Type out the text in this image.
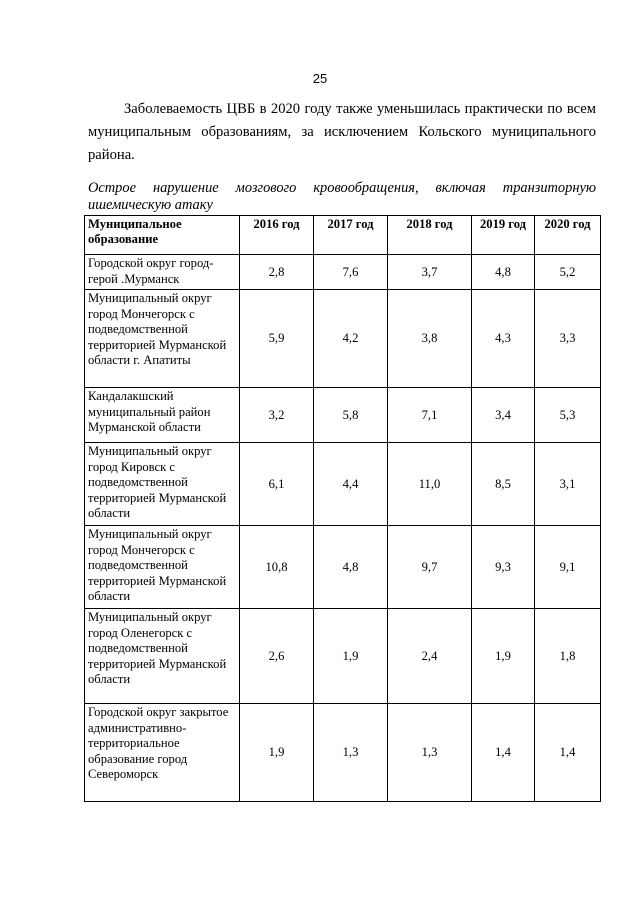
25

Заболеваемость ЦВБ в 2020 году также уменьшилась практически по всем муниципальным образованиям, за исключением Кольского муниципального района.

Острое нарушение мозгового кровообращения, включая транзиторную ишемическую атаку

Муниципальное образование	2016 год	2017 год	2018 год	2019 год	2020 год
Городской округ город-герой .Мурманск	2,8	7,6	3,7	4,8	5,2
Муниципальный округ город Мончегорск с подведомственной территорией Мурманской области г. Апатиты	5,9	4,2	3,8	4,3	3,3
Кандалакшский муниципальный район Мурманской области	3,2	5,8	7,1	3,4	5,3
Муниципальный округ город Кировск с подведомственной территорией Мурманской области	6,1	4,4	11,0	8,5	3,1
Муниципальный округ город Мончегорск с подведомственной территорией Мурманской области	10,8	4,8	9,7	9,3	9,1
Муниципальный округ город Оленегорск с подведомственной территорией Мурманской области	2,6	1,9	2,4	1,9	1,8
Городской округ закрытое административно-территориальное образование город Североморск	1,9	1,3	1,3	1,4	1,4
